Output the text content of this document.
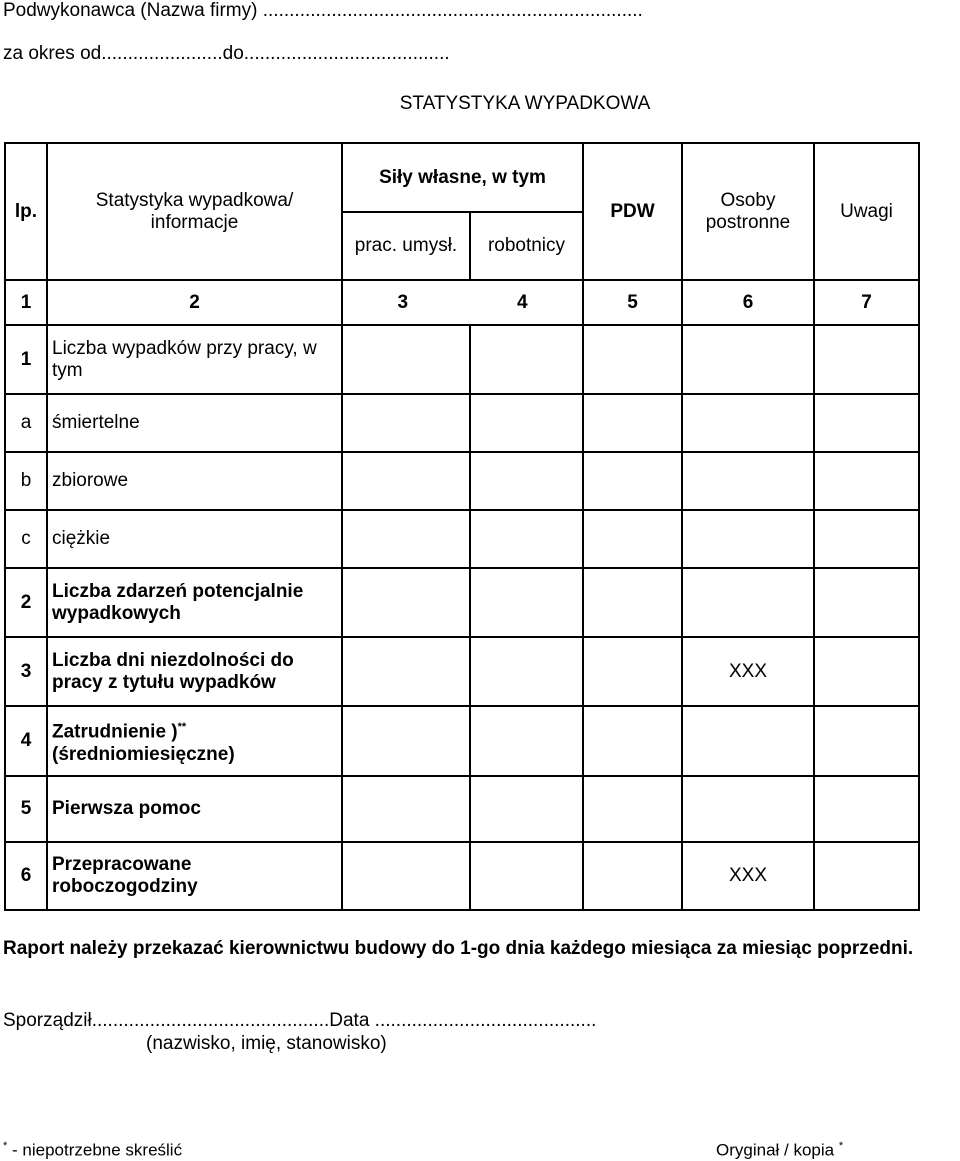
Podwykonawca (Nazwa firmy) ........................................................................
za okres od.......................do.......................................
STATYSTYKA WYPADKOWA
lp.	Statystyka wypadkowa/ informacje	Siły własne, w tym		PDW	Osoby postronne	Uwagi
		prac. umysł.	robotnicy			
1	2	3 4		5	6	7
1	Liczba wypadków przy pracy, w tym					
a	śmiertelne					
b	zbiorowe					
c	ciężkie					
2	Liczba zdarzeń potencjalnie wypadkowych					
3	Liczba dni niezdolności do pracy z tytułu wypadków				XXX	
4	Zatrudnienie )**
(średniomiesięczne)					
5	Pierwsza pomoc					
6	Przepracowane roboczogodziny				XXX	
Raport należy przekazać kierownictwu budowy do 1-go dnia każdego miesiąca za miesiąc poprzedni.
Sporządził.............................................Data ..........................................
(nazwisko, imię, stanowisko)
* - niepotrzebne skreślić	Oryginał / kopia *
